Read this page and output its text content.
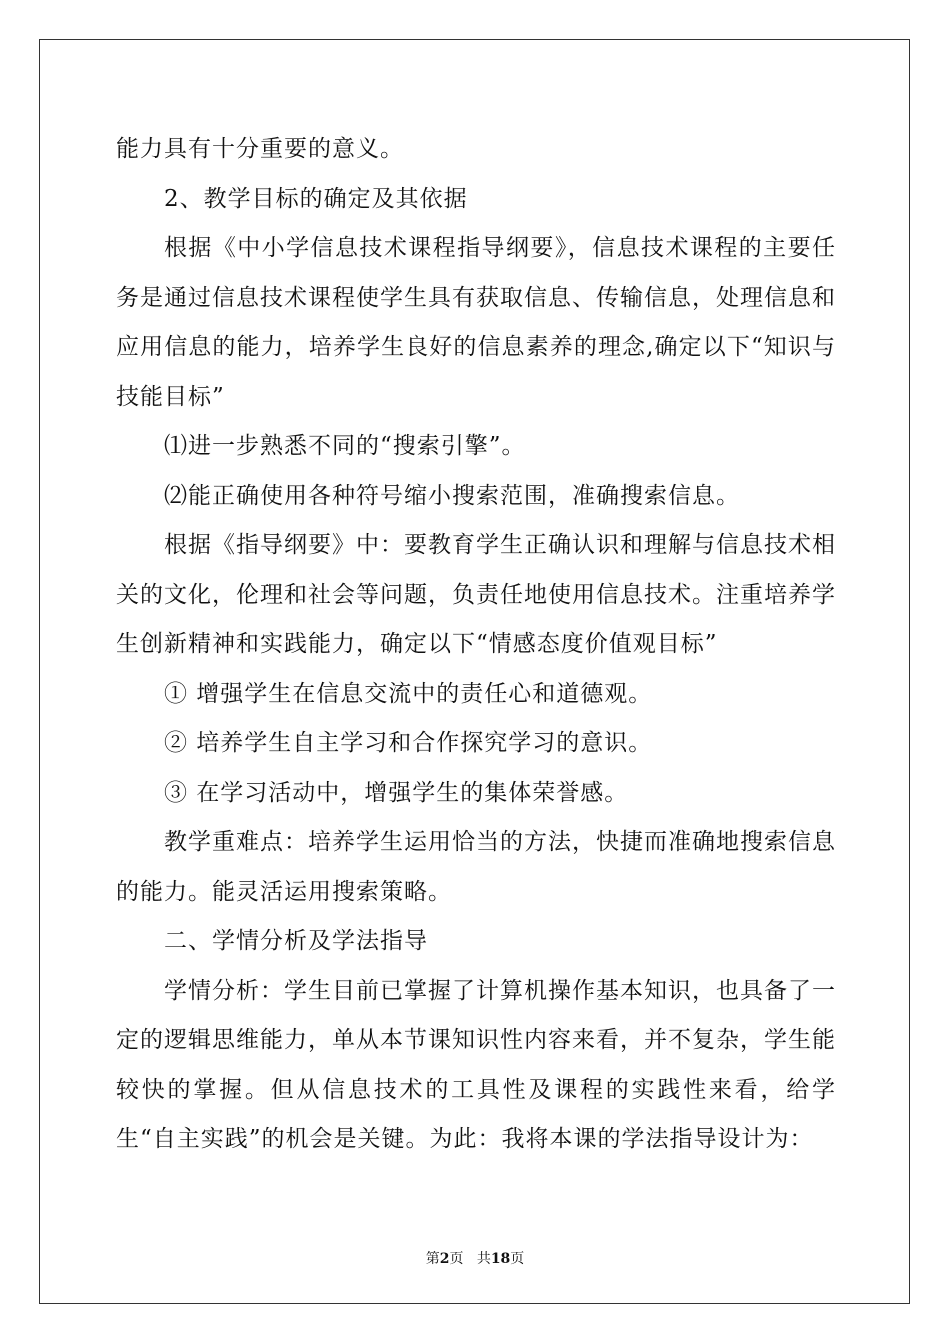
能力具有十分重要的意义。

2、教学目标的确定及其依据

根据《中小学信息技术课程指导纲要》，信息技术课程的主要任务是通过信息技术课程使学生具有获取信息、传输信息，处理信息和应用信息的能力，培养学生良好的信息素养的理念,确定以下“知识与技能目标”

⑴进一步熟悉不同的“搜索引擎”。

⑵能正确使用各种符号缩小搜索范围，准确搜索信息。

根据《指导纲要》中：要教育学生正确认识和理解与信息技术相关的文化，伦理和社会等问题，负责任地使用信息技术。注重培养学生创新精神和实践能力，确定以下“情感态度价值观目标”

① 增强学生在信息交流中的责任心和道德观。

② 培养学生自主学习和合作探究学习的意识。

③ 在学习活动中，增强学生的集体荣誉感。

教学重难点：培养学生运用恰当的方法，快捷而准确地搜索信息的能力。能灵活运用搜索策略。

二、学情分析及学法指导

学情分析：学生目前已掌握了计算机操作基本知识，也具备了一定的逻辑思维能力，单从本节课知识性内容来看，并不复杂，学生能较快的掌握。但从信息技术的工具性及课程的实践性来看，给学生“自主实践”的机会是关键。为此：我将本课的学法指导设计为：

第2页 共18页
